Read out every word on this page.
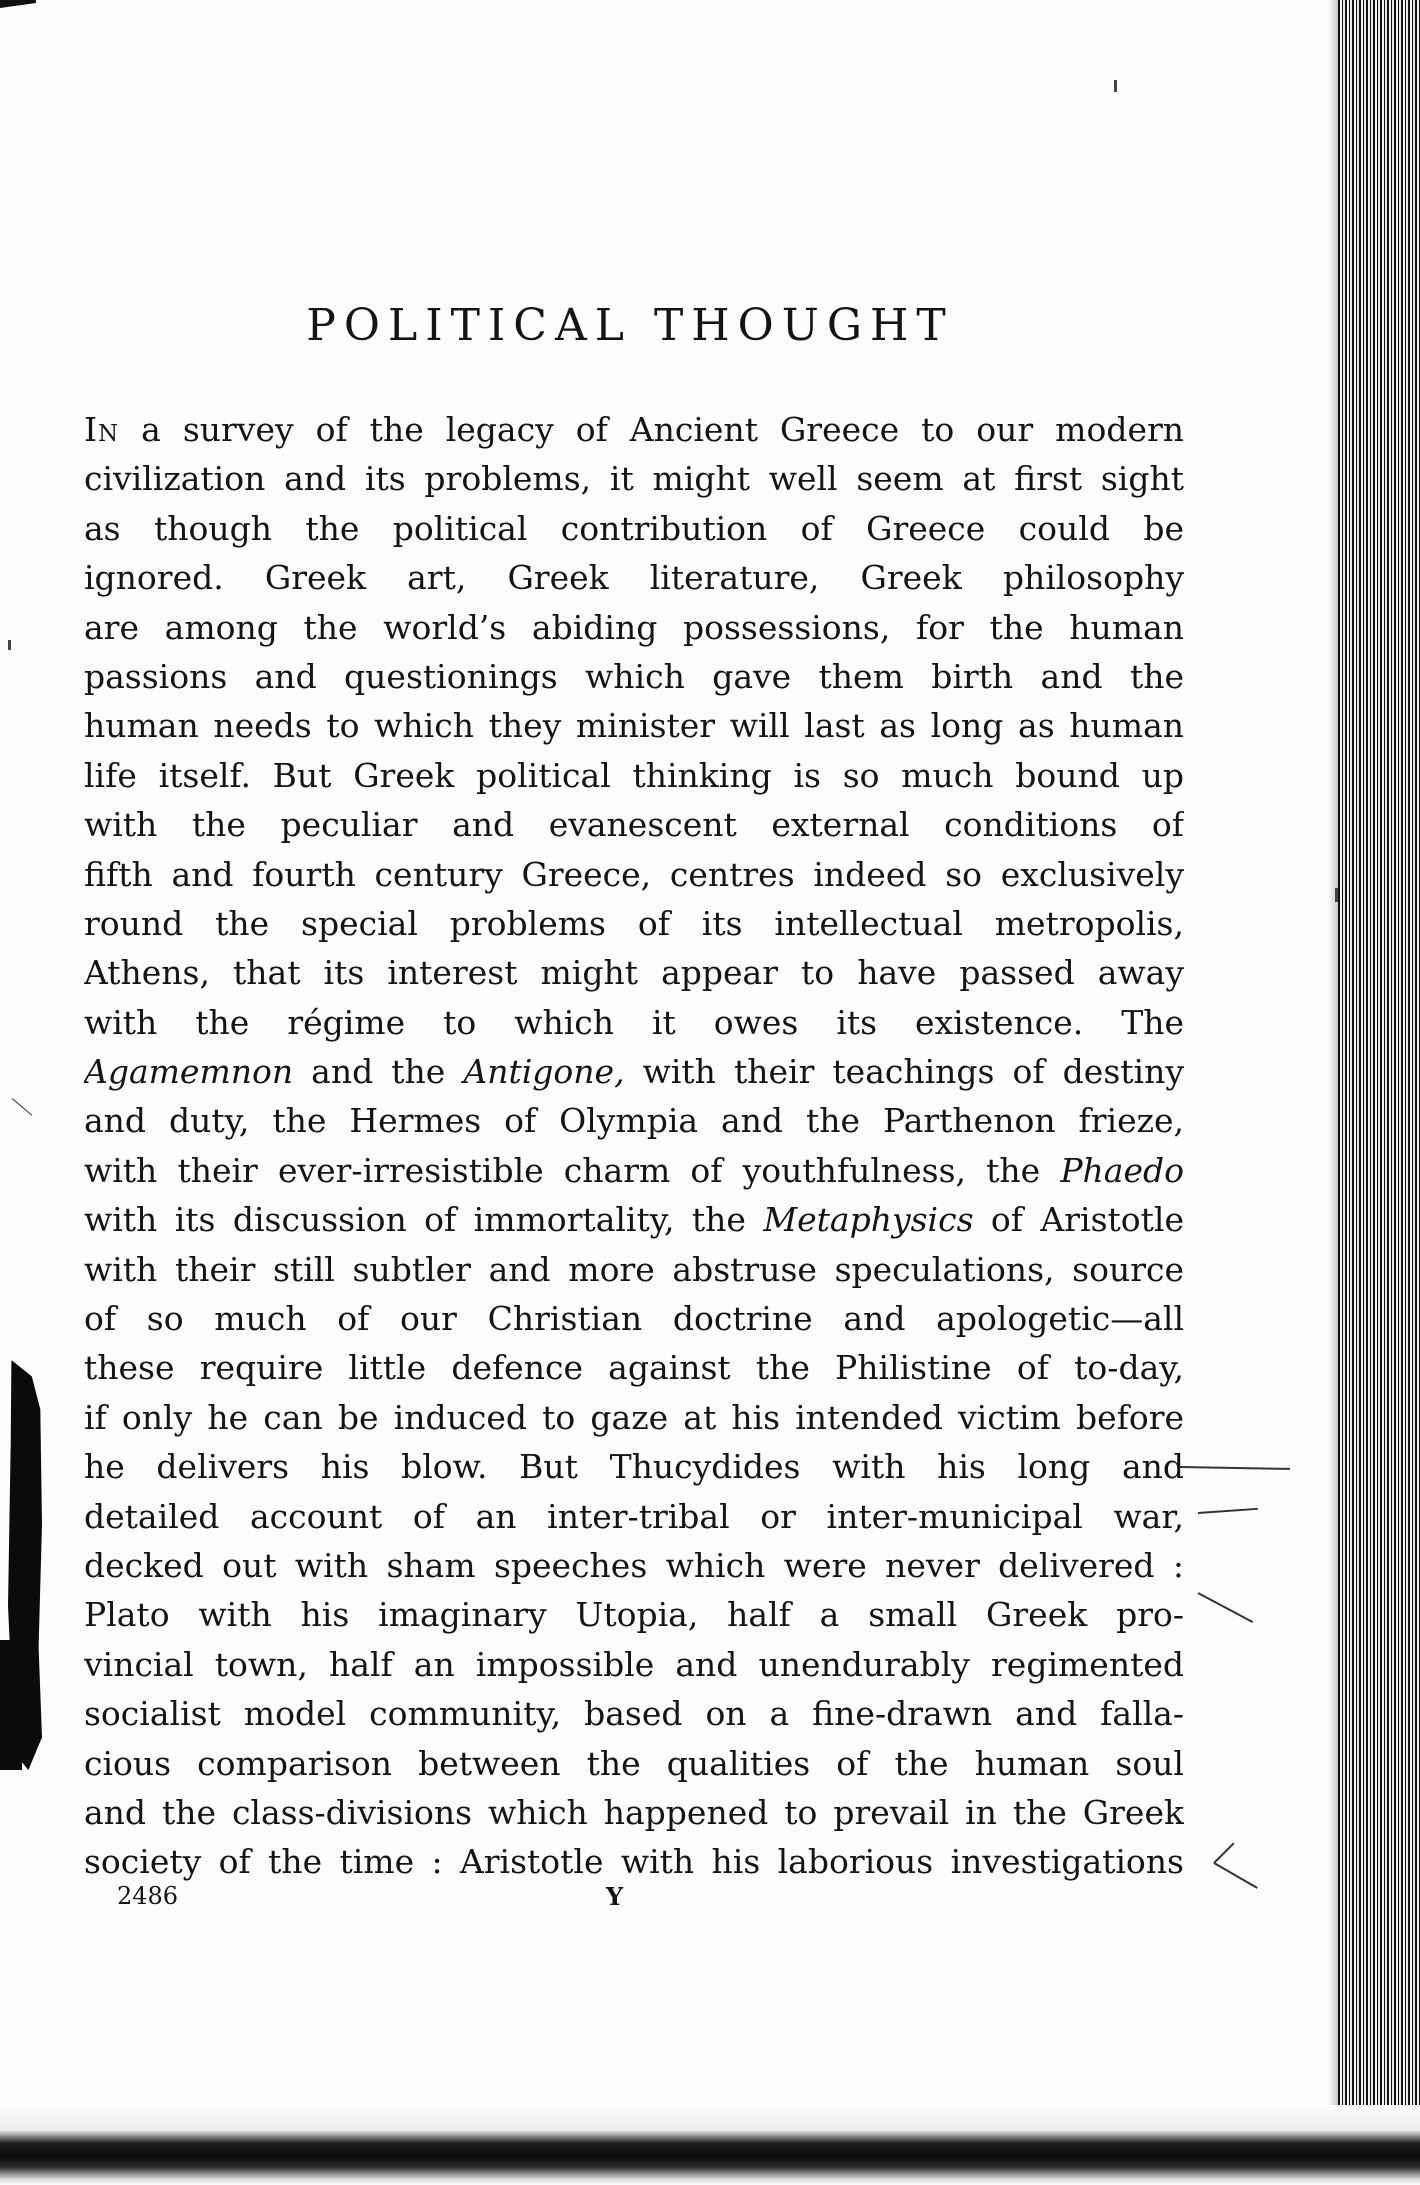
POLITICAL THOUGHT
In a survey of the legacy of Ancient Greece to our modern
civilization and its problems, it might well seem at first sight
as though the political contribution of Greece could be
ignored. Greek art, Greek literature, Greek philosophy
are among the world’s abiding possessions, for the human
passions and questionings which gave them birth and the
human needs to which they minister will last as long as human
life itself. But Greek political thinking is so much bound up
with the peculiar and evanescent external conditions of
fifth and fourth century Greece, centres indeed so exclusively
round the special problems of its intellectual metropolis,
Athens, that its interest might appear to have passed away
with the régime to which it owes its existence. The
Agamemnon and the Antigone, with their teachings of destiny
and duty, the Hermes of Olympia and the Parthenon frieze,
with their ever-irresistible charm of youthfulness, the Phaedo
with its discussion of immortality, the Metaphysics of Aristotle
with their still subtler and more abstruse speculations, source
of so much of our Christian doctrine and apologetic—all
these require little defence against the Philistine of to-day,
if only he can be induced to gaze at his intended victim before
he delivers his blow. But Thucydides with his long and
detailed account of an inter-tribal or inter-municipal war,
decked out with sham speeches which were never delivered :
Plato with his imaginary Utopia, half a small Greek pro-
vincial town, half an impossible and unendurably regimented
socialist model community, based on a fine-drawn and falla-
cious comparison between the qualities of the human soul
and the class-divisions which happened to prevail in the Greek
society of the time : Aristotle with his laborious investigations
2486	Y
